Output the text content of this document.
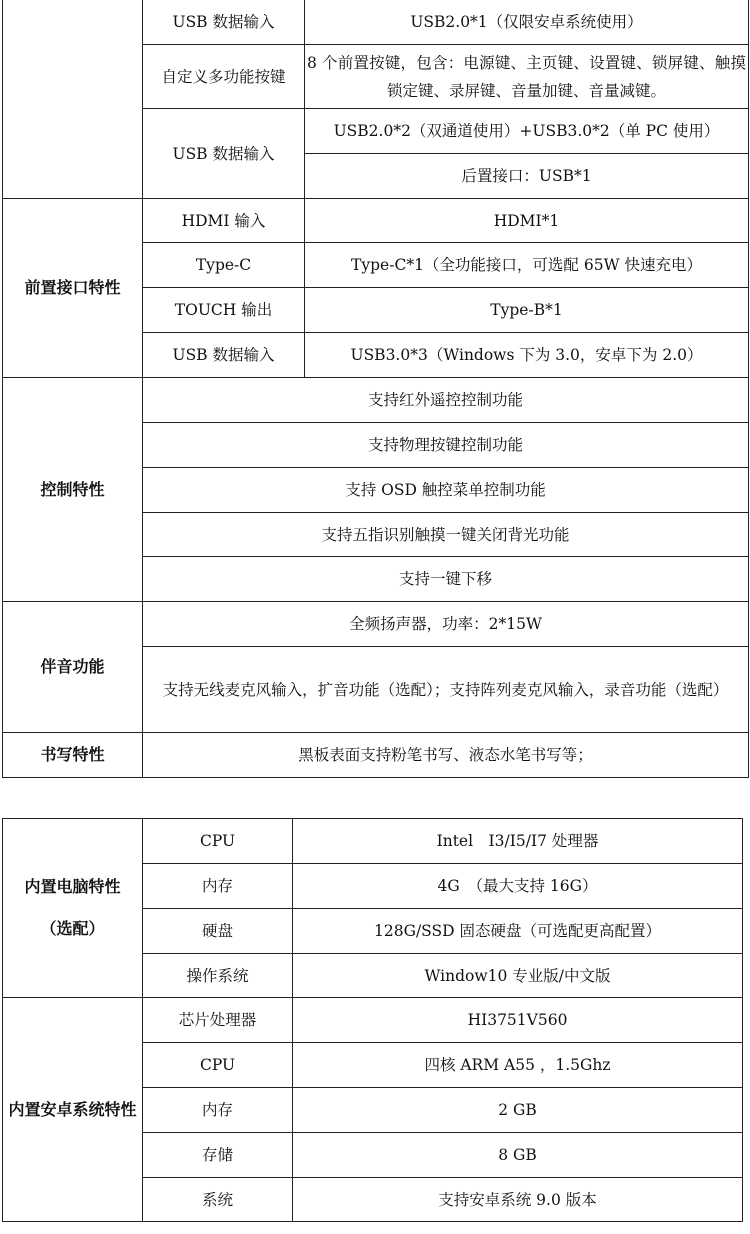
	USB 数据输入	USB2.0*1（仅限安卓系统使用）
	自定义多功能按键	8 个前置按键，包含：电源键、主页键、设置键、锁屏键、触摸锁定键、录屏键、音量加键、音量减键。
	USB 数据输入	USB2.0*2（双通道使用）+USB3.0*2（单 PC 使用）
		后置接口：USB*1
前置接口特性	HDMI 输入	HDMI*1
	Type-C	Type-C*1（全功能接口，可选配 65W 快速充电）
	TOUCH 输出	Type-B*1
	USB 数据输入	USB3.0*3（Windows 下为 3.0，安卓下为 2.0）
控制特性	支持红外遥控控制功能	
	支持物理按键控制功能	
	支持 OSD 触控菜单控制功能	
	支持五指识别触摸一键关闭背光功能	
	支持一键下移	
伴音功能	全频扬声器，功率：2*15W	
	支持无线麦克风输入，扩音功能（选配）；支持阵列麦克风输入，录音功能（选配）	
书写特性	黑板表面支持粉笔书写、液态水笔书写等；	
内置电脑特性
（选配）	CPU	Intel　I3/I5/I7 处理器
	内存	4G　（最大支持 16G）
	硬盘	128G/SSD 固态硬盘（可选配更高配置）
	操作系统	Window10 专业版/中文版
内置安卓系统特性	芯片处理器	HI3751V560
	CPU	四核 ARM A55 ，1.5Ghz
	内存	2 GB
	存储	8 GB
	系统	支持安卓系统 9.0 版本
